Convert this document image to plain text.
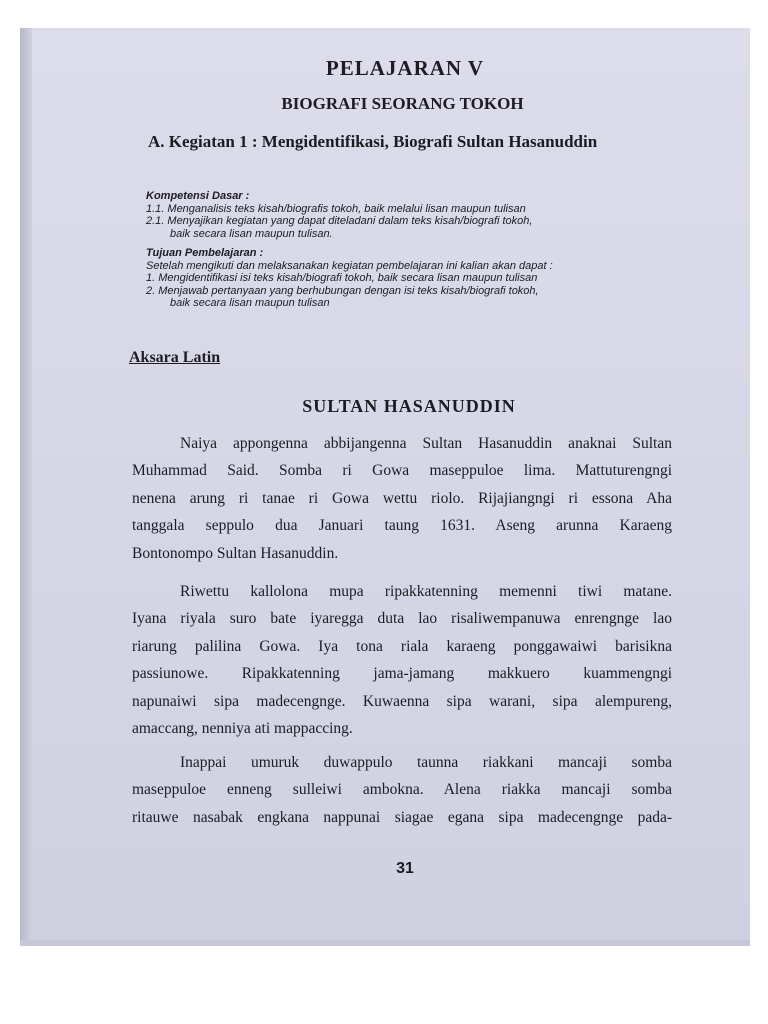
PELAJARAN V
BIOGRAFI SEORANG TOKOH
A. Kegiatan 1 : Mengidentifikasi, Biografi Sultan Hasanuddin
Kompetensi Dasar :
1.1. Menganalisis teks kisah/biografis tokoh, baik melalui lisan maupun tulisan
2.1. Menyajikan kegiatan yang dapat diteladani dalam teks kisah/biografi tokoh,
baik secara lisan maupun tulisan.
Tujuan Pembelajaran :
Setelah mengikuti dan melaksanakan kegiatan pembelajaran ini kalian akan dapat :
1. Mengidentifikasi isi teks kisah/biografi tokoh, baik secara lisan maupun tulisan
2. Menjawab pertanyaan yang berhubungan dengan isi teks kisah/biografi tokoh,
baik secara lisan maupun tulisan
Aksara Latin
SULTAN HASANUDDIN
Naiya appongenna abbijangenna Sultan Hasanuddin anaknai Sultan
Muhammad Said. Somba ri Gowa maseppuloe lima. Mattuturengngi
nenena arung ri tanae ri Gowa wettu riolo. Rijajiangngi ri essona Aha
tanggala seppulo dua Januari taung 1631. Aseng arunna Karaeng
Bontonompo Sultan Hasanuddin.
Riwettu kallolona mupa ripakkatenning memenni tiwi matane.
Iyana riyala suro bate iyaregga duta lao risaliwempanuwa enrengnge lao
riarung palilina Gowa. Iya tona riala karaeng ponggawaiwi barisikna
passiunowe. Ripakkatenning jama-jamang makkuero kuammengngi
napunaiwi sipa madecengnge. Kuwaenna sipa warani, sipa alempureng,
amaccang, nenniya ati mappaccing.
Inappai umuruk duwappulo taunna riakkani mancaji somba
maseppuloe enneng sulleiwi ambokna. Alena riakka mancaji somba
ritauwe nasabak engkana nappunai siagae egana sipa madecengnge pada-
31
